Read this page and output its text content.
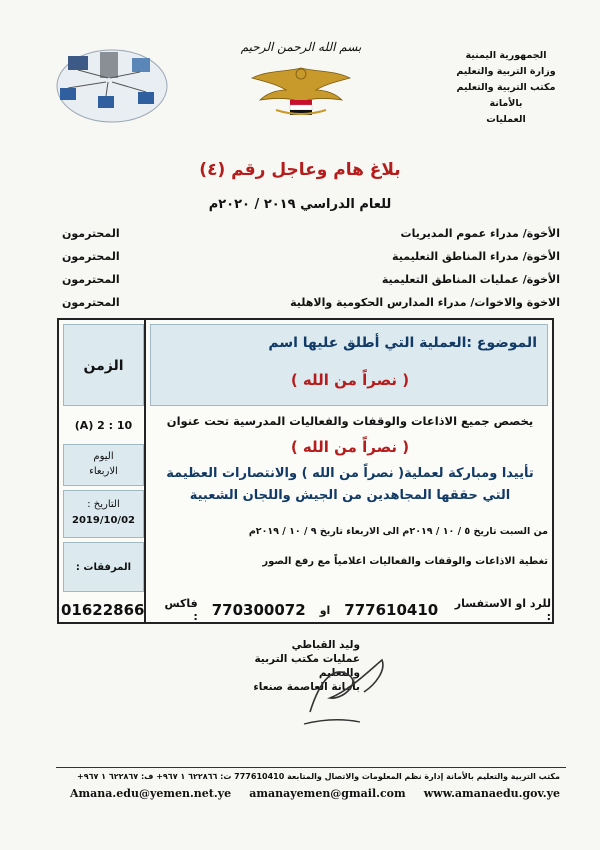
الجمهورية اليمنية
وزارة التربية والتعليم
مكتب التربية والتعليم بالأمانة
العمليات
بسم الله الرحمن الرحيم
بلاغ هام وعاجل رقم (٤)
للعام الدراسي ٢٠١٩ / ٢٠٢٠م
الأخوة/ مدراء عموم المديريات
المحترمون
الأخوة/ مدراء المناطق التعليمية
المحترمون
الأخوة/ عمليات المناطق التعليمية
المحترمون
الاخوة والاخوات/ مدراء المدارس الحكومية والاهلية
المحترمون
الموضوع :العملية التي أطلق عليها اسم
( نصراً من الله )
يخصص جميع الاذاعات والوقفات والفعاليات المدرسية تحت عنوان
( نصراً من الله )
تأييدا ومباركة لعملية( نصراً من الله ) والانتصارات العظيمة
التي حققها المجاهدين من الجيش واللجان الشعبية
من السبت تاريخ ٥ / ١٠ / ٢٠١٩م الى الاربعاء تاريخ ٩ / ١٠ / ٢٠١٩م
تغطية الاذاعات والوقفات والفعاليات اعلامياً مع رفع الصور
الزمن
(A) 2 : 10
اليوم
الاربعاء
التاريخ :
2019/10/02
المرفقات :
للرد او الاستفسار :
777610410
او
770300072
فاكس :
01622866
وليد القباطي
عمليات مكتب التربية والتعليم
بأمانة العاصمة صنعاء
مكتب التربية والتعليم بالأمانة إدارة نظم المعلومات والاتصال والمتابعة 777610410 ت: ٦٢٢٨٦٦ ١ ٩٦٧+ ف: ٦٢٢٨٦٧ ١ ٩٦٧+
Amana.edu@yemen.net.ye amanayemen@gmail.com www.amanaedu.gov.ye
